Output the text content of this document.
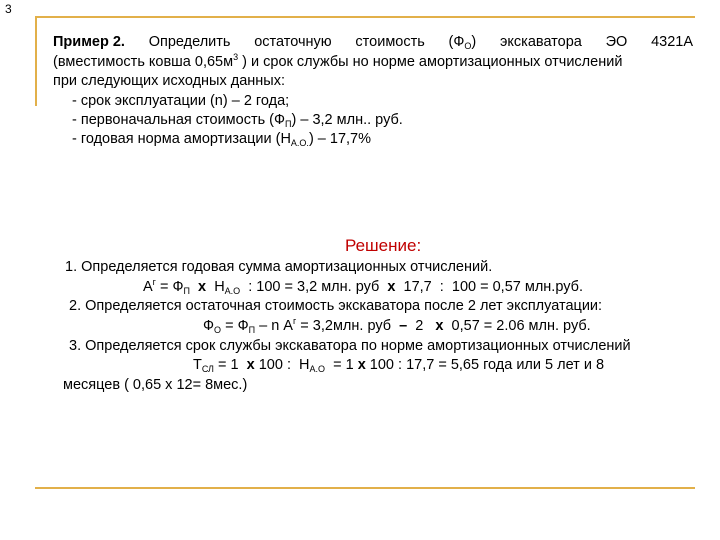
3
Пример 2. Определить остаточную стоимость $(Ф_О)$ экскаватора ЭО 4321А
(вместимость ковша $0,65м^3$ ) и срок службы но норме амортизационных отчислений
при следующих исходных данных:
- срок эксплуатации (n) – 2 года;
- первоначальная стоимость $(Ф_П) - 3,2$ млн.. руб.
- годовая норма амортизации $(Н_{А.О.}) - 17,7\%$
Решение:
1. Определяется годовая сумма амортизационных отчислений.
$А^г = Ф_П$  х  $Н_{А.О}$  : 100 = 3,2 млн. руб  х  17,7  :  100 = 0,57 млн.руб.
2. Определяется остаточная стоимость экскаватора после 2 лет эксплуатации:
$Ф_О = Ф_П - n$ $А^г = 3,2млн$. руб  –  2   х  0,57 = 2.06 млн. руб.
3. Определяется срок службы экскаватора по норме амортизационных отчислений
$Т_{СЛ} = 1$  х 100 :  $Н_{А.О} = 1$ х 100 : 17,7 = 5,65 года или 5 лет и 8
месяцев ( 0,65 х 12= 8мес.)
